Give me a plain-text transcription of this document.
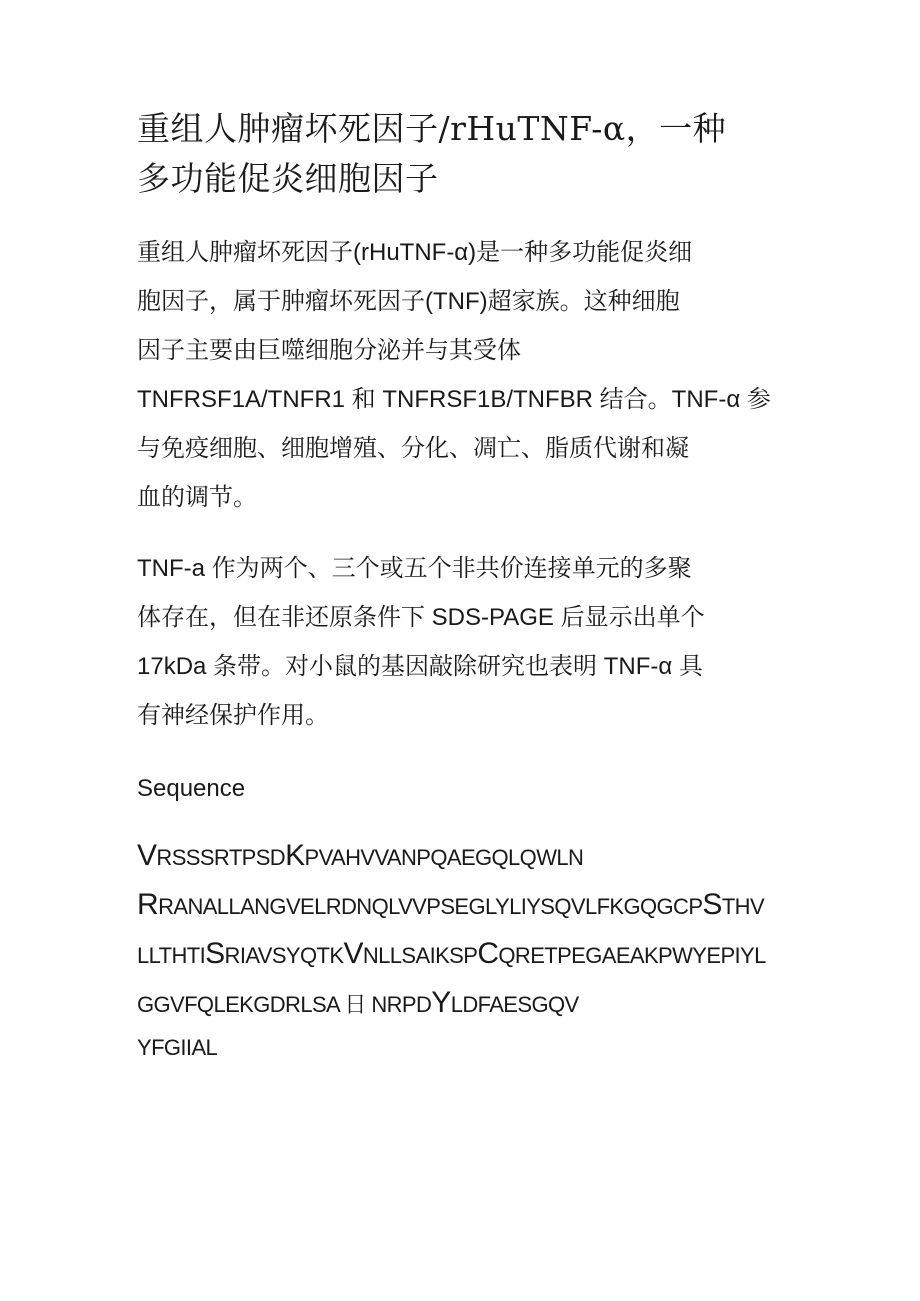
重组人肿瘤坏死因子/rHuTNF-α，一种
多功能促炎细胞因子

重组人肿瘤坏死因子(rHuTNF-α)是一种多功能促炎细
胞因子，属于肿瘤坏死因子(TNF)超家族。这种细胞
因子主要由巨噬细胞分泌并与其受体
TNFRSF1A/TNFR1 和 TNFRSF1B/TNFBR 结合。TNF-α 参
与免疫细胞、细胞增殖、分化、凋亡、脂质代谢和凝
血的调节。

TNF-a 作为两个、三个或五个非共价连接单元的多聚
体存在，但在非还原条件下 SDS-PAGE 后显示出单个
17kDa 条带。对小鼠的基因敲除研究也表明 TNF-α 具
有神经保护作用。

Sequence
VRSSSRTPSDKPVAHVVANPQAEGQLQWLN
RRANALLANGVELRDNQLVVPSEGLYLIYSQVLFKGQGCPSTHV
LLTHTISRIAVSYQTKVNLLSAIKSPCQRETPEGAEAKPWYEPIYL
GGVFQLEKGDRLSA 日 NRPDYLDFAESGQV
YFGIIAL
